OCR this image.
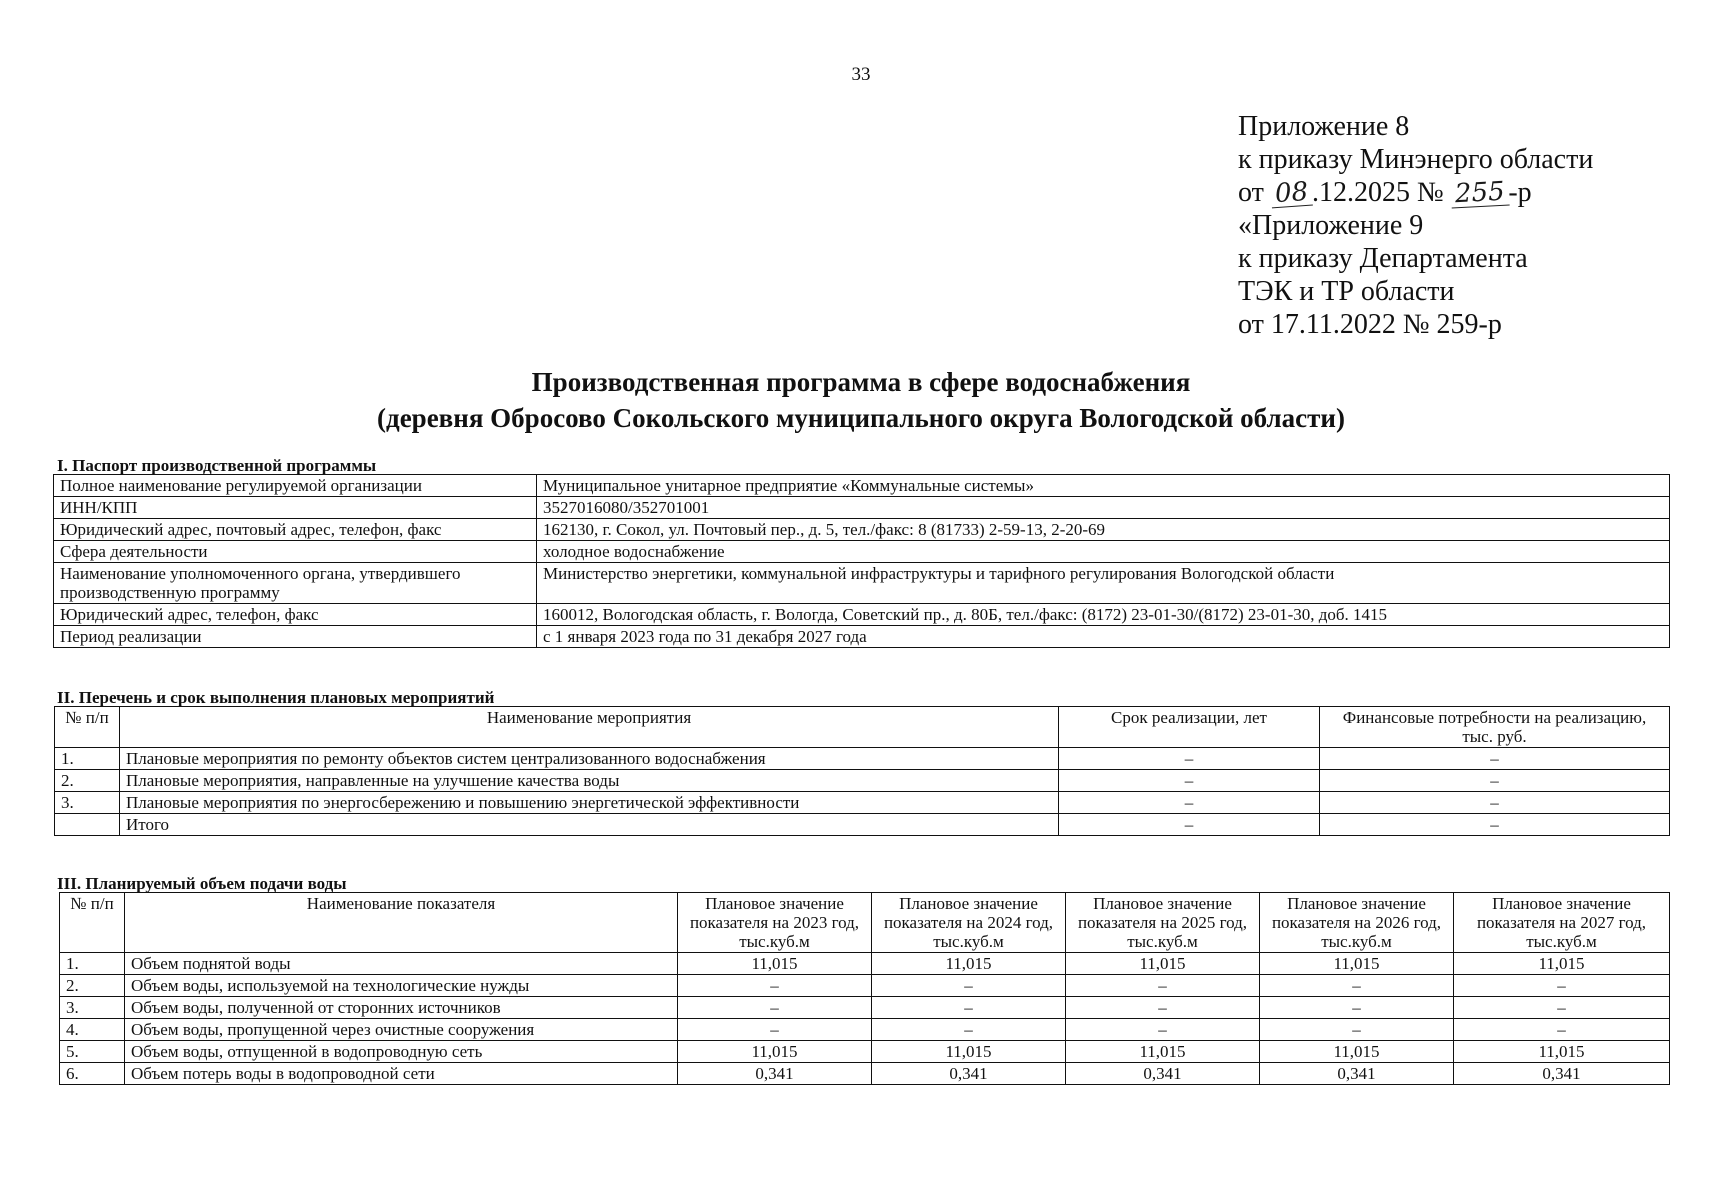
33
Приложение 8
к приказу Минэнерго области
от 08 .12.2025 № 255 -р
«Приложение 9
к приказу Департамента
ТЭК и ТР области
от 17.11.2022 № 259-р
Производственная программа в сфере водоснабжения
(деревня Обросово Сокольского муниципального округа Вологодской области)
I. Паспорт производственной программы
Полное наименование регулируемой организации	Муниципальное унитарное предприятие «Коммунальные системы»
ИНН/КПП	3527016080/352701001
Юридический адрес, почтовый адрес, телефон, факс	162130, г. Сокол, ул. Почтовый пер., д. 5, тел./факс: 8 (81733) 2-59-13, 2-20-69
Сфера деятельности	холодное водоснабжение
Наименование уполномоченного органа, утвердившего производственную программу	Министерство энергетики, коммунальной инфраструктуры и тарифного регулирования Вологодской области
Юридический адрес, телефон, факс	160012, Вологодская область, г. Вологда, Советский пр., д. 80Б, тел./факс: (8172) 23-01-30/(8172) 23-01-30, доб. 1415
Период реализации	с 1 января 2023 года по 31 декабря 2027 года
II. Перечень и срок выполнения плановых мероприятий
№ п/п	Наименование мероприятия	Срок реализации, лет	Финансовые потребности на реализацию, тыс. руб.
1.	Плановые мероприятия по ремонту объектов систем централизованного водоснабжения	–	–
2.	Плановые мероприятия, направленные на улучшение качества воды	–	–
3.	Плановые мероприятия по энергосбережению и повышению энергетической эффективности	–	–
	Итого	–	–
III. Планируемый объем подачи воды
№ п/п	Наименование показателя	Плановое значение показателя на 2023 год, тыс.куб.м	Плановое значение показателя на 2024 год, тыс.куб.м	Плановое значение показателя на 2025 год, тыс.куб.м	Плановое значение показателя на 2026 год, тыс.куб.м	Плановое значение показателя на 2027 год, тыс.куб.м
1.	Объем поднятой воды	11,015	11,015	11,015	11,015	11,015
2.	Объем воды, используемой на технологические нужды	–	–	–	–	–
3.	Объем воды, полученной от сторонних источников	–	–	–	–	–
4.	Объем воды, пропущенной через очистные сооружения	–	–	–	–	–
5.	Объем воды, отпущенной в водопроводную сеть	11,015	11,015	11,015	11,015	11,015
6.	Объем потерь воды в водопроводной сети	0,341	0,341	0,341	0,341	0,341
